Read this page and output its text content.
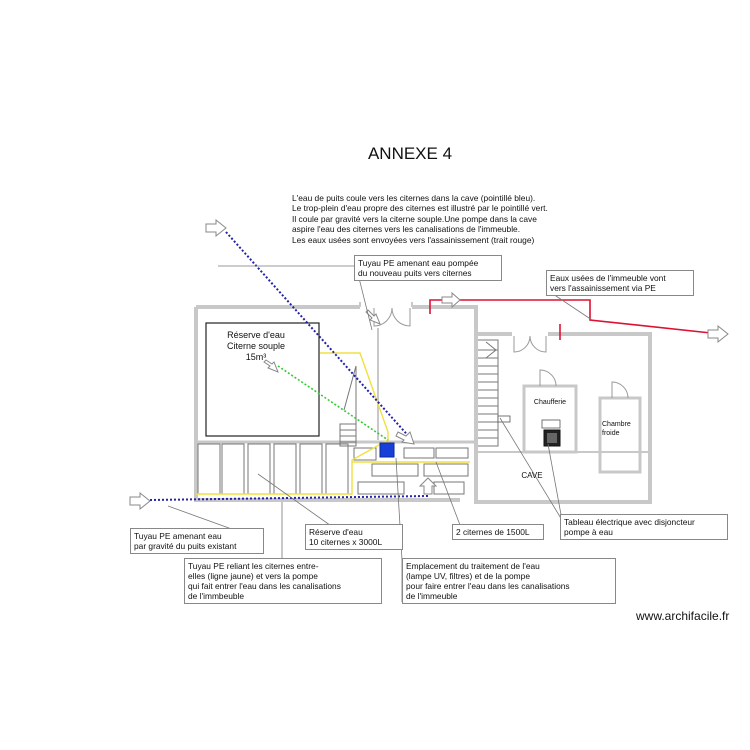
ANNEXE 4
L'eau de puits coule vers les citernes dans la cave (pointillé bleu).
Le trop-plein d'eau propre des citernes est illustré par le pointillé vert.
Il coule par gravité vers la citerne souple.Une pompe dans la cave
aspire l'eau des citernes vers les canalisations de l'immeuble.
Les eaux usées sont envoyées vers l'assainissement (trait rouge)
Tuyau PE amenant eau pompée
du nouveau puits vers citernes	Eaux usées de l'immeuble vont
vers l'assainissement via PE
Tuyau PE amenant eau
par gravité du puits existant
Réserve d'eau
10 citernes x 3000L
2 citernes de 1500L
Tableau électrique avec disjoncteur
pompe à eau
Tuyau PE reliant les citernes entre-
elles (ligne jaune) et vers la pompe
qui fait entrer l'eau dans les canalisations
de l'immbeuble
Emplacement du traitement de l'eau
(lampe UV, filtres) et de la pompe
pour faire entrer l'eau dans les canalisations
de l'immeuble
Réserve d'eau
Citerne souple
15m³
Chaufferie
Chambre
froide
CAVE
www.archifacile.fr
